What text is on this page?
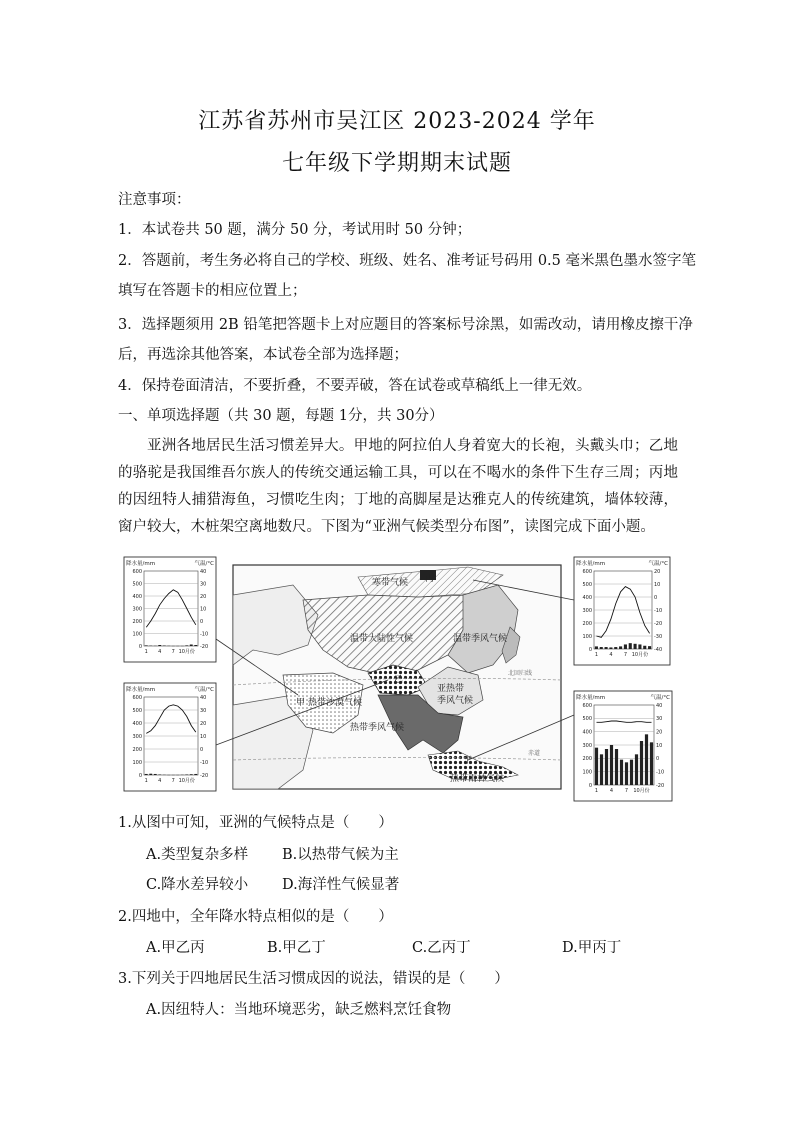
江苏省苏州市吴江区 2023-2024 学年
七年级下学期期末试题
注意事项：
1．本试卷共 50 题，满分 50 分，考试用时 50 分钟；
2．答题前，考生务必将自己的学校、班级、姓名、准考证号码用 0.5 毫米黑色墨水签字笔
填写在答题卡的相应位置上；
3．选择题须用 2B 铅笔把答题卡上对应题目的答案标号涂黑，如需改动，请用橡皮擦干净
后，再选涂其他答案，本试卷全部为选择题；
4．保持卷面清洁，不要折叠，不要弄破，答在试卷或草稿纸上一律无效。
一、单项选择题（共 30 题，每题 1分，共 30分）
亚洲各地居民生活习惯差异大。甲地的阿拉伯人身着宽大的长袍，头戴头巾；乙地的骆驼是我国维吾尔族人的传统交通运输工具，可以在不喝水的条件下生存三周；丙地的因纽特人捕猎海鱼，习惯吃生肉；丁地的高脚屋是达雅克人的传统建筑，墙体较薄，窗户较大，木桩架空离地数尺。下图为“亚洲气候类型分布图”，读图完成下面小题。
丙
寒带气候
温带大陆性气候	温带季风气候
乙
亚热带
季风气候
甲 热带沙漠气候
热带季风气候
丁
热带雨林气候
北回归线
赤道
降水量/mm	气温/°C
600	40
500	30
400	20
300	10
200	0
100	-10
0	-20
1 4 7 10月份
降水量/mm	气温/°C
600	40
500	30
400	20
300	10
200	0
100	-10
0	-20
1 4 7 10月份
降水量/mm	气温/°C
600	20
500	10
400	0
300	-10
200	-20
100	-30
0	-40
1 4 7 10月份
降水量/mm	气温/°C
600	40
500	30
400	20
300	10
200	0
100	-10
0	-20
1 4 7 10月份
1.从图中可知，亚洲的气候特点是（　　）
A.类型复杂多样 B.以热带气候为主
C.降水差异较小 D.海洋性气候显著
2.四地中，全年降水特点相似的是（　　）
A.甲乙丙	B.甲乙丁	C.乙丙丁	D.甲丙丁
3.下列关于四地居民生活习惯成因的说法，错误的是（　　）
A.因纽特人：当地环境恶劣，缺乏燃料烹饪食物
